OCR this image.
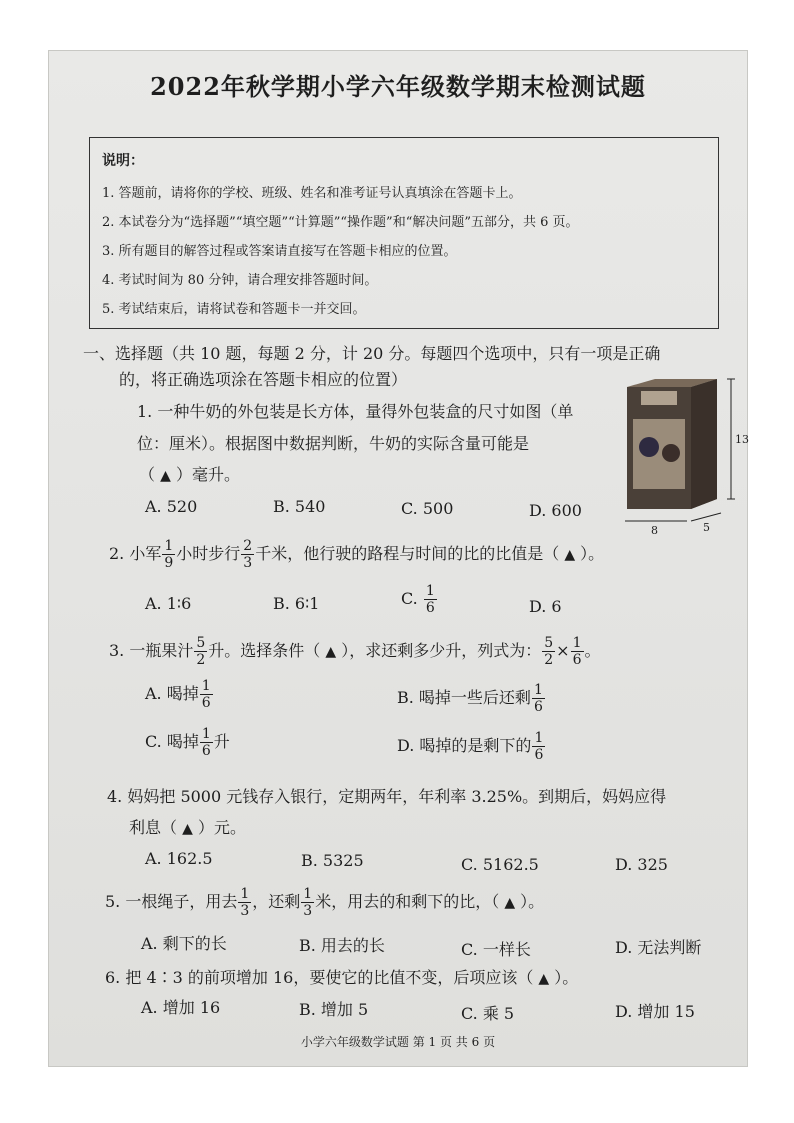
2022年秋学期小学六年级数学期末检测试题
说明：
1. 答题前，请将你的学校、班级、姓名和准考证号认真填涂在答题卡上。
2. 本试卷分为“选择题”“填空题”“计算题”“操作题”和“解决问题”五部分，共 6 页。
3. 所有题目的解答过程或答案请直接写在答题卡相应的位置。
4. 考试时间为 80 分钟，请合理安排答题时间。
5. 考试结束后，请将试卷和答题卡一并交回。
一、选择题（共 10 题，每题 2 分，计 20 分。每题四个选项中，只有一项是正确
的，将正确选项涂在答题卡相应的位置）
1. 一种牛奶的外包装是长方体，量得外包装盒的尺寸如图（单
位：厘米）。根据图中数据判断，牛奶的实际含量可能是
（ ▲ ）毫升。
A. 520	B. 540	C. 500	D. 600
13
8	5
2. 小军 $\frac{1}{9}$ 小时步行 $\frac{2}{3}$ 千米，他行驶的路程与时间的比的比值是（ ▲ ）。
A. 1∶6	B. 6∶1	C. $\frac{1}{6}$	D. 6
3. 一瓶果汁 $\frac{5}{2}$ 升。选择条件（ ▲ ），求还剩多少升，列式为： $\frac{5}{2} \times \frac{1}{6}$ 。
A. 喝掉 $\frac{1}{6}$	B. 喝掉一些后还剩 $\frac{1}{6}$
C. 喝掉 $\frac{1}{6}$ 升	D. 喝掉的是剩下的 $\frac{1}{6}$
4. 妈妈把 5000 元钱存入银行，定期两年，年利率 3.25%。到期后，妈妈应得
利息（ ▲ ）元。
A. 162.5	B. 5325	C. 5162.5	D. 325
5. 一根绳子，用去 $\frac{1}{3}$ ，还剩 $\frac{1}{3}$ 米，用去的和剩下的比，（ ▲ ）。
A. 剩下的长	B. 用去的长	C. 一样长	D. 无法判断
6. 把 4∶3 的前项增加 16，要使它的比值不变，后项应该（ ▲ ）。
A. 增加 16	B. 增加 5	C. 乘 5	D. 增加 15
小学六年级数学试题 第 1 页 共 6 页
